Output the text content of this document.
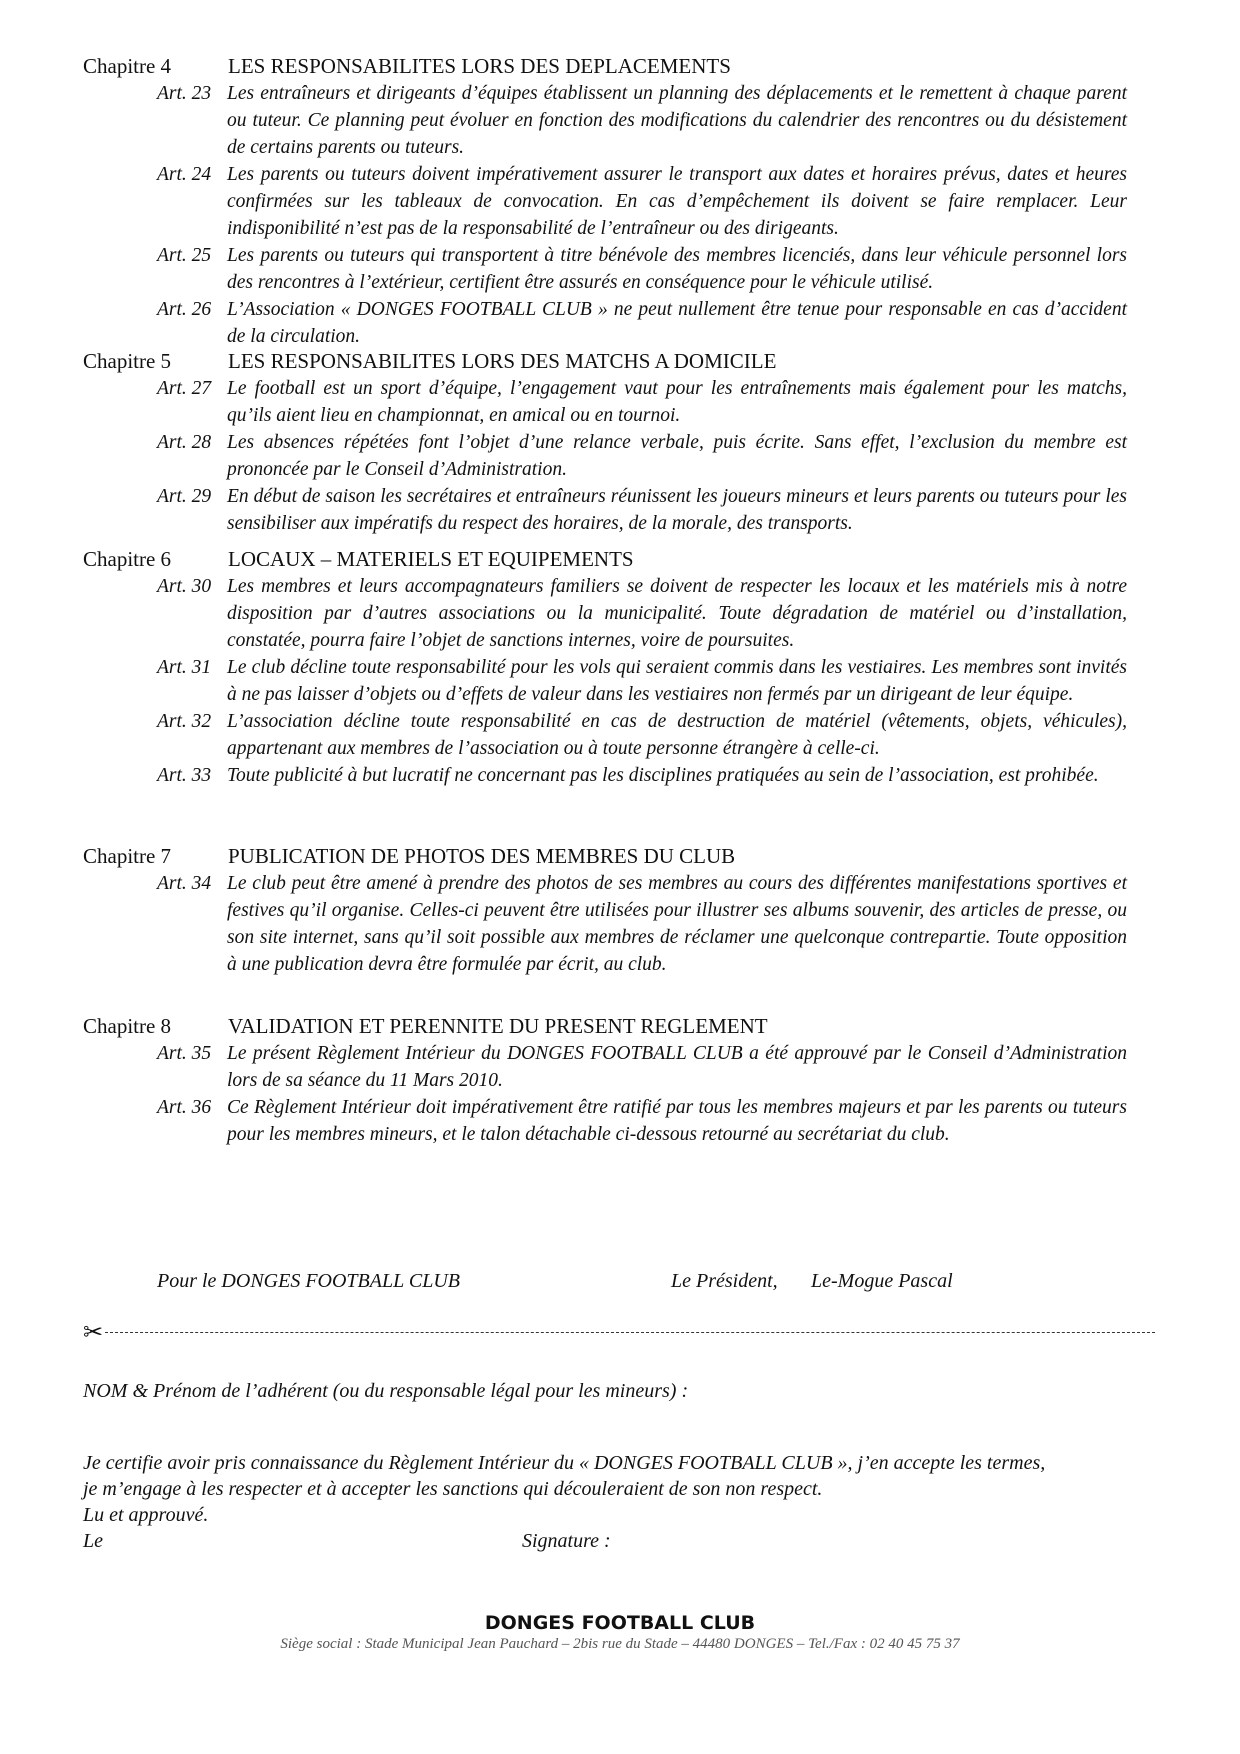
Chapitre 4	LES RESPONSABILITES LORS DES DEPLACEMENTS
Art. 23 Les entraîneurs et dirigeants d’équipes établissent un planning des déplacements et le remettent à chaque parent ou tuteur. Ce planning peut évoluer en fonction des modifications du calendrier des rencontres ou du désistement de certains parents ou tuteurs.
Art. 24 Les parents ou tuteurs doivent impérativement assurer le transport aux dates et horaires prévus, dates et heures confirmées sur les tableaux de convocation. En cas d’empêchement ils doivent se faire remplacer. Leur indisponibilité n’est pas de la responsabilité de l’entraîneur ou des dirigeants.
Art. 25 Les parents ou tuteurs qui transportent à titre bénévole des membres licenciés, dans leur véhicule personnel lors des rencontres à l’extérieur, certifient être assurés en conséquence pour le véhicule utilisé.
Art. 26 L’Association « DONGES FOOTBALL CLUB » ne peut nullement être tenue pour responsable en cas d’accident de la circulation.
Chapitre 5	LES RESPONSABILITES LORS DES MATCHS A DOMICILE
Art. 27 Le football est un sport d’équipe, l’engagement vaut pour les entraînements mais également pour les matchs, qu’ils aient lieu en championnat, en amical ou en tournoi.
Art. 28 Les absences répétées font l’objet d’une relance verbale, puis écrite. Sans effet, l’exclusion du membre est prononcée par le Conseil d’Administration.
Art. 29 En début de saison les secrétaires et entraîneurs réunissent les joueurs mineurs et leurs parents ou tuteurs pour les sensibiliser aux impératifs du respect des horaires, de la morale, des transports.
Chapitre 6	LOCAUX – MATERIELS ET EQUIPEMENTS
Art. 30 Les membres et leurs accompagnateurs familiers se doivent de respecter les locaux et les matériels mis à notre disposition par d’autres associations ou la municipalité. Toute dégradation de matériel ou d’installation, constatée, pourra faire l’objet de sanctions internes, voire de poursuites.
Art. 31 Le club décline toute responsabilité pour les vols qui seraient commis dans les vestiaires. Les membres sont invités à ne pas laisser d’objets ou d’effets de valeur dans les vestiaires non fermés par un dirigeant de leur équipe.
Art. 32 L’association décline toute responsabilité en cas de destruction de matériel (vêtements, objets, véhicules), appartenant aux membres de l’association ou à toute personne étrangère à celle-ci.
Art. 33 Toute publicité à but lucratif ne concernant pas les disciplines pratiquées au sein de l’association, est prohibée.
Chapitre 7	PUBLICATION DE PHOTOS DES MEMBRES DU CLUB
Art. 34 Le club peut être amené à prendre des photos de ses membres au cours des différentes manifestations sportives et festives qu’il organise. Celles-ci peuvent être utilisées pour illustrer ses albums souvenir, des articles de presse, ou son site internet, sans qu’il soit possible aux membres de réclamer une quelconque contrepartie. Toute opposition à une publication devra être formulée par écrit, au club.
Chapitre 8	VALIDATION ET PERENNITE DU PRESENT REGLEMENT
Art. 35 Le présent Règlement Intérieur du DONGES FOOTBALL CLUB a été approuvé par le Conseil d’Administration lors de sa séance du 11 Mars 2010.
Art. 36 Ce Règlement Intérieur doit impérativement être ratifié par tous les membres majeurs et par les parents ou tuteurs pour les membres mineurs, et le talon détachable ci-dessous retourné au secrétariat du club.
Pour le DONGES FOOTBALL CLUB	Le Président, Le-Mogue Pascal
✂
NOM & Prénom de l’adhérent (ou du responsable légal pour les mineurs) :
Je certifie avoir pris connaissance du Règlement Intérieur du « DONGES FOOTBALL CLUB », j’en accepte les termes,
je m’engage à les respecter et à accepter les sanctions qui découleraient de son non respect.
Lu et approuvé.
Le	Signature :
DONGES FOOTBALL CLUB
Siège social : Stade Municipal Jean Pauchard – 2bis rue du Stade – 44480 DONGES – Tel./Fax : 02 40 45 75 37
